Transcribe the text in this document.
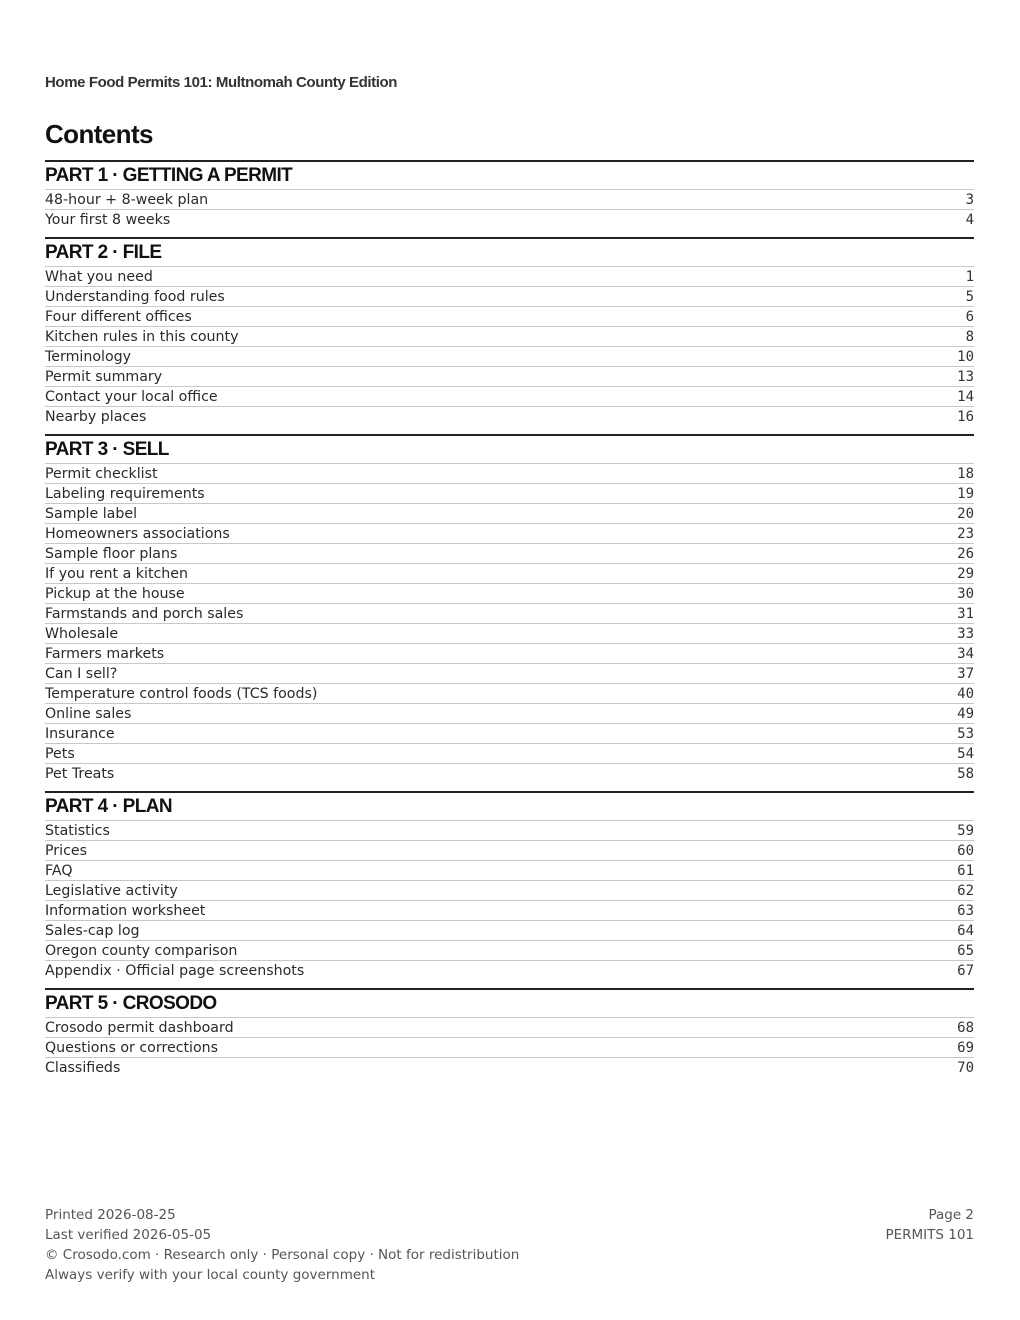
Home Food Permits 101: Multnomah County Edition
Contents
PART 1 · GETTING A PERMIT
48-hour + 8-week plan	3
Your first 8 weeks	4
PART 2 · FILE
What you need	1
Understanding food rules	5
Four different offices	6
Kitchen rules in this county	8
Terminology	10
Permit summary	13
Contact your local office	14
Nearby places	16
PART 3 · SELL
Permit checklist	18
Labeling requirements	19
Sample label	20
Homeowners associations	23
Sample floor plans	26
If you rent a kitchen	29
Pickup at the house	30
Farmstands and porch sales	31
Wholesale	33
Farmers markets	34
Can I sell?	37
Temperature control foods (TCS foods)	40
Online sales	49
Insurance	53
Pets	54
Pet Treats	58
PART 4 · PLAN
Statistics	59
Prices	60
FAQ	61
Legislative activity	62
Information worksheet	63
Sales-cap log	64
Oregon county comparison	65
Appendix · Official page screenshots	67
PART 5 · CROSODO
Crosodo permit dashboard	68
Questions or corrections	69
Classifieds	70
Printed 2026-08-25
Last verified 2026-05-05
© Crosodo.com · Research only · Personal copy · Not for redistribution
Always verify with your local county government
Page 2
PERMITS 101
